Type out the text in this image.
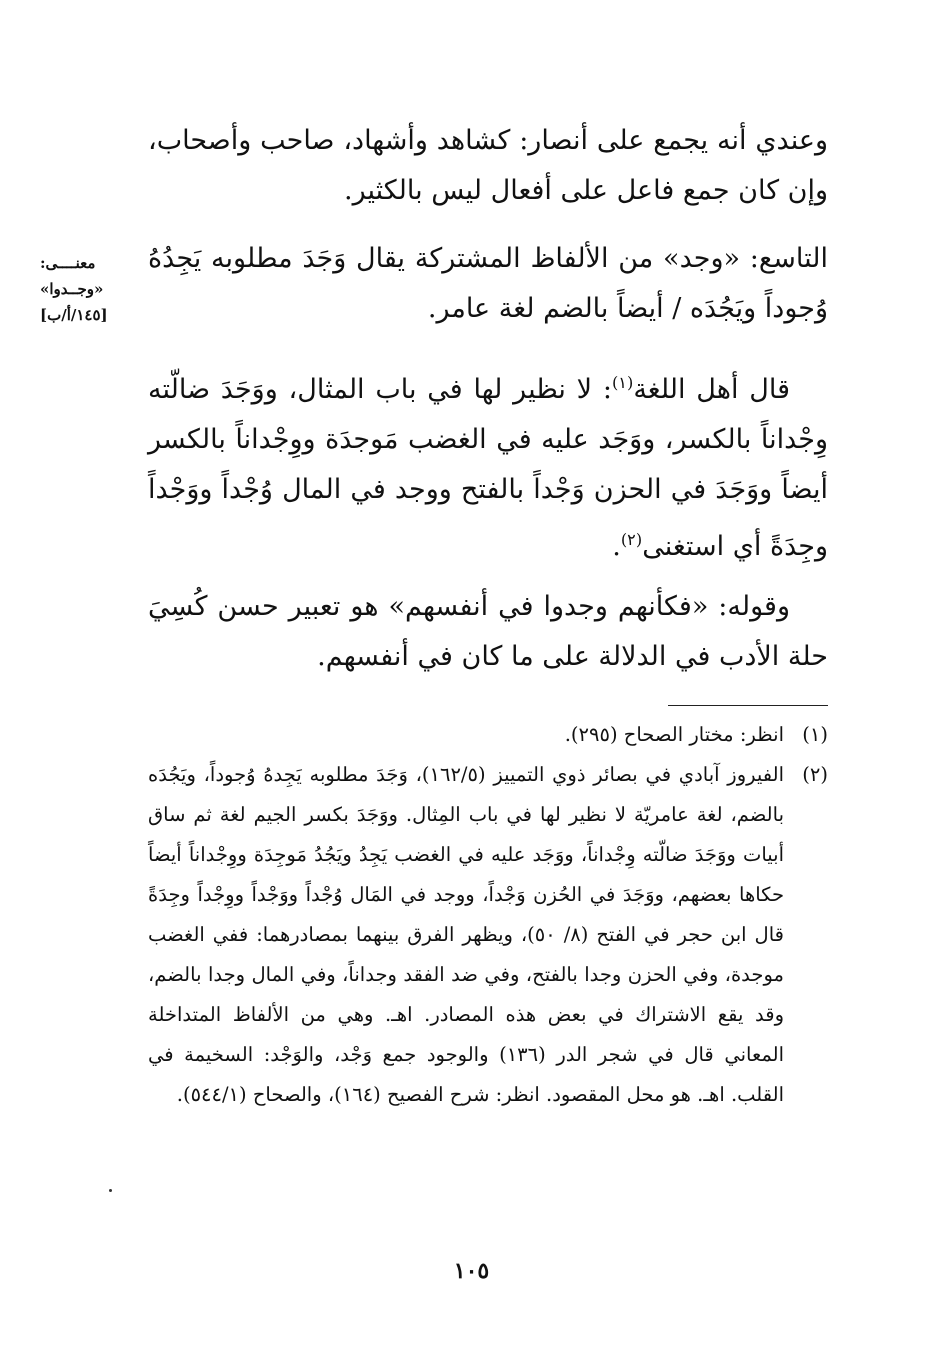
وعندي أنه يجمع على أنصار: كشاهد وأشهاد، صاحب وأصحاب، وإن كان جمع فاعل على أفعال ليس بالكثير.

التاسع: «وجد» من الألفاظ المشتركة يقال وَجَدَ مطلوبه يَجِدُهُ وُجوداً ويَجُدَه / أيضاً بالضم لغة عامر.

معنــــى:
«وجــدوا»
[١٤٥/أ/ب]

قال أهل اللغة$^{(١)}$: لا نظير لها في باب المثال، ووَجَدَ ضالّته وِجْداناً بالكسر، ووَجَد عليه في الغضب مَوجدَة ووِجْداناً بالكسر أيضاً ووَجَدَ في الحزن وَجْداً بالفتح ووجد في المال وُجْداً ووَجْداً وجِدَةً أي استغنى$^{(٢)}$.

وقوله: «فكأنهم وجدوا في أنفسهم» هو تعبير حسن كُسِيَ حلة الأدب في الدلالة على ما كان في أنفسهم.

(١)
انظر: مختار الصحاح (٢٩٥).
(٢)
الفيروز آبادي في بصائر ذوي التمييز (١٦٢/٥)، وَجَدَ مطلوبه يَجِدهُ وُجوداً، ويَجُدَه بالضم، لغة عامريّة لا نظير لها في باب المِثال. ووَجَدَ بكسر الجيم لغة ثم ساق أبيات ووَجَدَ ضالّته وِجْداناً، ووَجَد عليه في الغضب يَجِدُ ويَجُدُ مَوجِدَة ووِجْداناً أيضاً حكاها بعضهم، ووَجَدَ في الحُزن وَجْداً، ووجد في المَال وُجْداً ووَجْداً ووِجْداً وجِدَةً قال ابن حجر في الفتح (٨/ ٥٠)، ويظهر الفرق بينهما بمصادرهما: ففي الغضب موجدة، وفي الحزن وجدا بالفتح، وفي ضد الفقد وجداناً، وفي المال وجدا بالضم، وقد يقع الاشتراك في بعض هذه المصادر. اهـ. وهي من الألفاظ المتداخلة المعاني قال في شجر الدر (١٣٦) والوجود جمع وَجْد، والوَجْد: السخيمة في القلب. اهـ. هو محل المقصود. انظر: شرح الفصيح (١٦٤)، والصحاح (٥٤٤/١).
١٠٥
